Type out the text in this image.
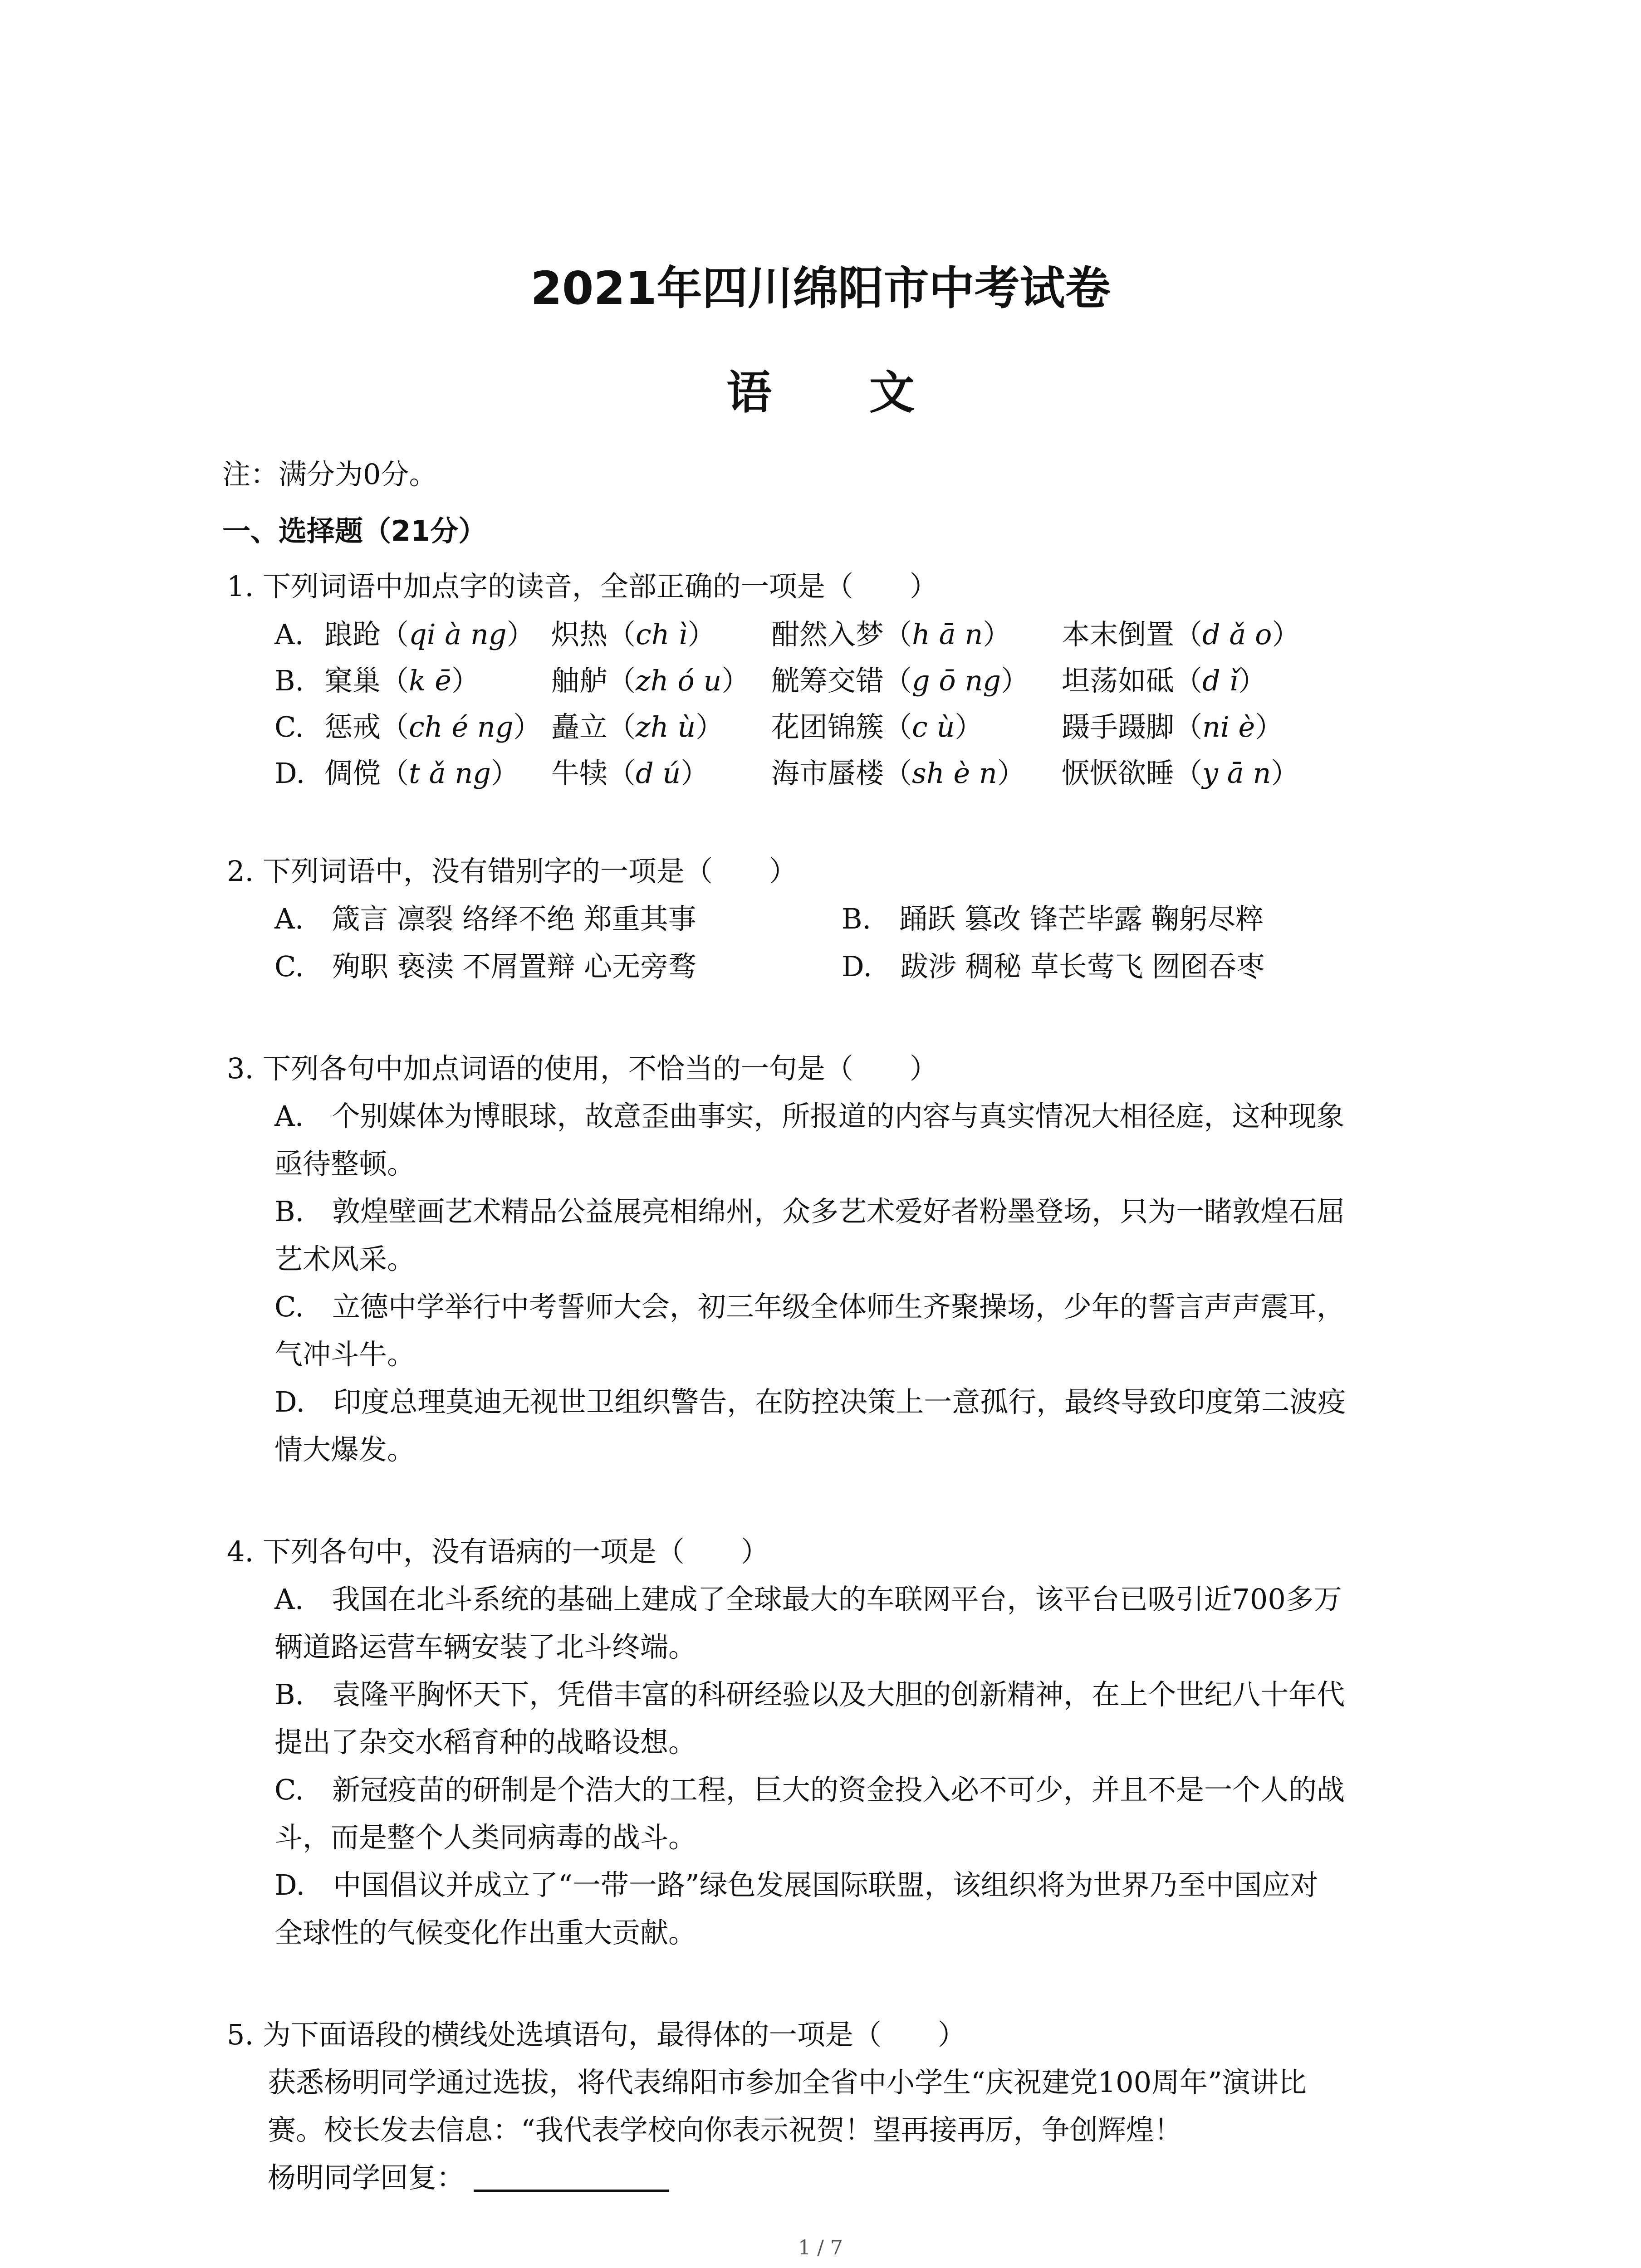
2021年四川绵阳市中考试卷
语 文
注：满分为0分。
一、选择题（21分）
1. 下列词语中加点字的读音，全部正确的一项是（　　）
A. 踉跄（qi à ng） 炽热（ch ì） 酣然入梦（h ā n） 本末倒置（d ǎ o）
B. 窠巢（k ē）	舳舻（zh ó u） 觥筹交错（g ō ng） 坦荡如砥（d ǐ）
C. 惩戒（ch é ng） 矗立（zh ù） 花团锦簇（c ù）	蹑手蹑脚（ni è）
D. 倜傥（t ǎ ng） 牛犊（d ú） 海市蜃楼（sh è n） 恹恹欲睡（y ā n）
2. 下列词语中，没有错别字的一项是（　　）
A.　箴言 凛裂 络绎不绝 郑重其事	B.　踊跃 篡改 锋芒毕露 鞠躬尽粹
C.　殉职 亵渎 不屑置辩 心无旁骛	D.　跋涉 稠秘 草长莺飞 囫囵吞枣
3. 下列各句中加点词语的使用，不恰当的一句是（　　）
A.　个别媒体为博眼球，故意歪曲事实，所报道的内容与真实情况大相径庭，这种现象
亟待整顿。
B.　敦煌壁画艺术精品公益展亮相绵州，众多艺术爱好者粉墨登场，只为一睹敦煌石屈
艺术风采。
C.　立德中学举行中考誓师大会，初三年级全体师生齐聚操场，少年的誓言声声震耳，
气冲斗牛。
D.　印度总理莫迪无视世卫组织警告，在防控决策上一意孤行，最终导致印度第二波疫
情大爆发。
4. 下列各句中，没有语病的一项是（　　）
A.　我国在北斗系统的基础上建成了全球最大的车联网平台，该平台已吸引近700多万
辆道路运营车辆安装了北斗终端。
B.　袁隆平胸怀天下，凭借丰富的科研经验以及大胆的创新精神，在上个世纪八十年代
提出了杂交水稻育种的战略设想。
C.　新冠疫苗的研制是个浩大的工程，巨大的资金投入必不可少，并且不是一个人的战
斗，而是整个人类同病毒的战斗。
D.　中国倡议并成立了“一带一路”绿色发展国际联盟，该组织将为世界乃至中国应对
全球性的气候变化作出重大贡献。
5. 为下面语段的横线处选填语句，最得体的一项是（　　）
获悉杨明同学通过选拔，将代表绵阳市参加全省中小学生“庆祝建党100周年”演讲比
赛。校长发去信息：“我代表学校向你表示祝贺！望再接再厉，争创辉煌！
杨明同学回复：
1 / 7
